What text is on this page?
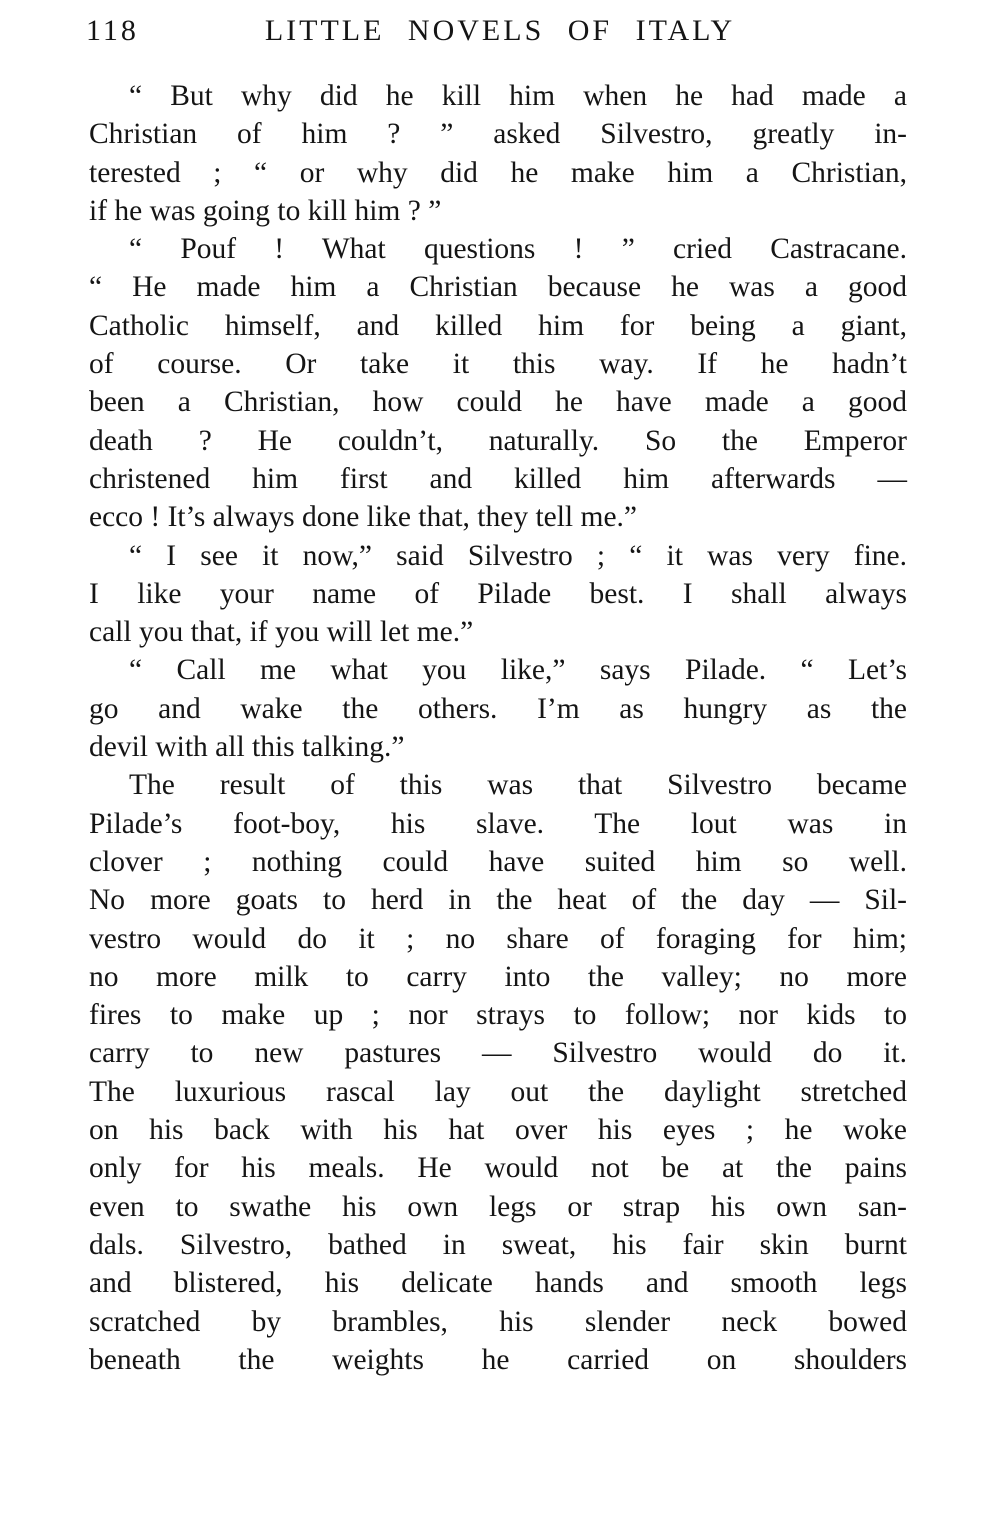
118	LITTLE NOVELS OF ITALY
“ But why did he kill him when he had made a
Christian of him ? ” asked Silvestro, greatly in-
terested ; “ or why did he make him a Christian,
if he was going to kill him ? ”
“ Pouf ! What questions ! ” cried Castracane.
“ He made him a Christian because he was a good
Catholic himself, and killed him for being a giant,
of course. Or take it this way. If he hadn’t
been a Christian, how could he have made a good
death ? He couldn’t, naturally. So the Emperor
christened him first and killed him afterwards —
ecco ! It’s always done like that, they tell me.”
“ I see it now,” said Silvestro ; “ it was very fine.
I like your name of Pilade best. I shall always
call you that, if you will let me.”
“ Call me what you like,” says Pilade. “ Let’s
go and wake the others. I’m as hungry as the
devil with all this talking.”
The result of this was that Silvestro became
Pilade’s foot-boy, his slave. The lout was in
clover ; nothing could have suited him so well.
No more goats to herd in the heat of the day — Sil-
vestro would do it ; no share of foraging for him;
no more milk to carry into the valley; no more
fires to make up ; nor strays to follow; nor kids to
carry to new pastures — Silvestro would do it.
The luxurious rascal lay out the daylight stretched
on his back with his hat over his eyes ; he woke
only for his meals. He would not be at the pains
even to swathe his own legs or strap his own san-
dals. Silvestro, bathed in sweat, his fair skin burnt
and blistered, his delicate hands and smooth legs
scratched by brambles, his slender neck bowed
beneath the weights he carried on shoulders
